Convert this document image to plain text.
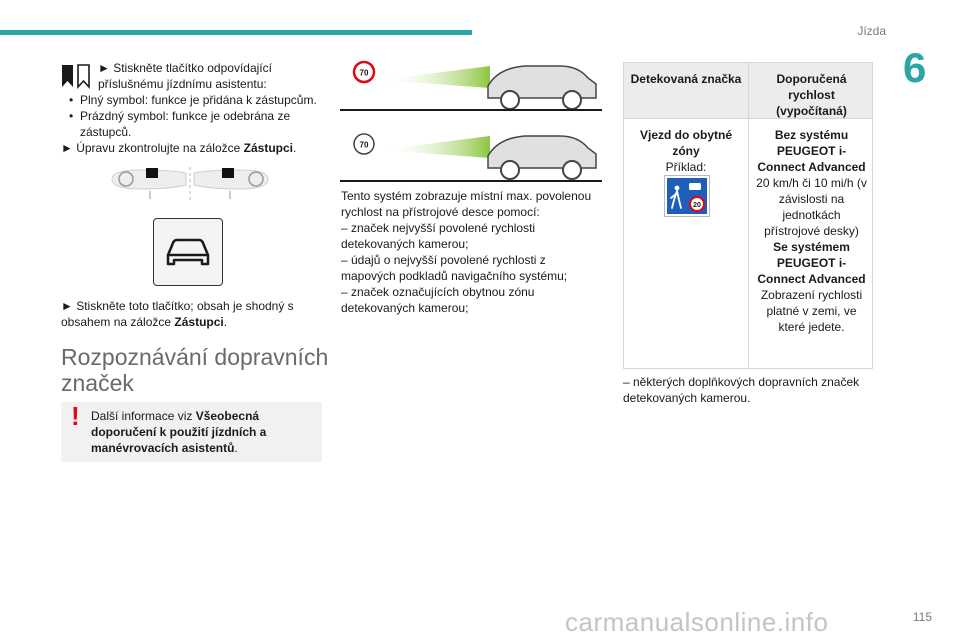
Jízda
6
► Stiskněte tlačítko odpovídající příslušnému jízdnímu asistentu:
• Plný symbol: funkce je přidána k zástupcům.
• Prázdný symbol: funkce je odebrána ze zástupců.
► Úpravu zkontrolujte na záložce Zástupci.
► Stiskněte toto tlačítko; obsah je shodný s obsahem na záložce Zástupci.
Rozpoznávání dopravních značek
! Další informace viz Všeobecná doporučení k použití jízdních a manévrovacích asistentů.
70
70

Tento systém zobrazuje místní max. povolenou rychlost na přístrojové desce pomocí:

– značek nejvyšší povolené rychlosti detekovaných kamerou;

– údajů o nejvyšší povolené rychlosti z mapových podkladů navigačního systému;

– značek označujících obytnou zónu detekovaných kamerou;

Detekovaná značka	Doporučená rychlost (vypočítaná)
Vjezd do obytné zóny
Příklad:
20
Bez systému PEUGEOT i-Connect Advanced
20 km/h či 10 mi/h (v závislosti na jednotkách přístrojové desky)
Se systémem PEUGEOT i-Connect Advanced
Zobrazení rychlosti platné v zemi, ve které jedete.
– některých doplňkových dopravních značek detekovaných kamerou.
carmanualsonline.info	115
